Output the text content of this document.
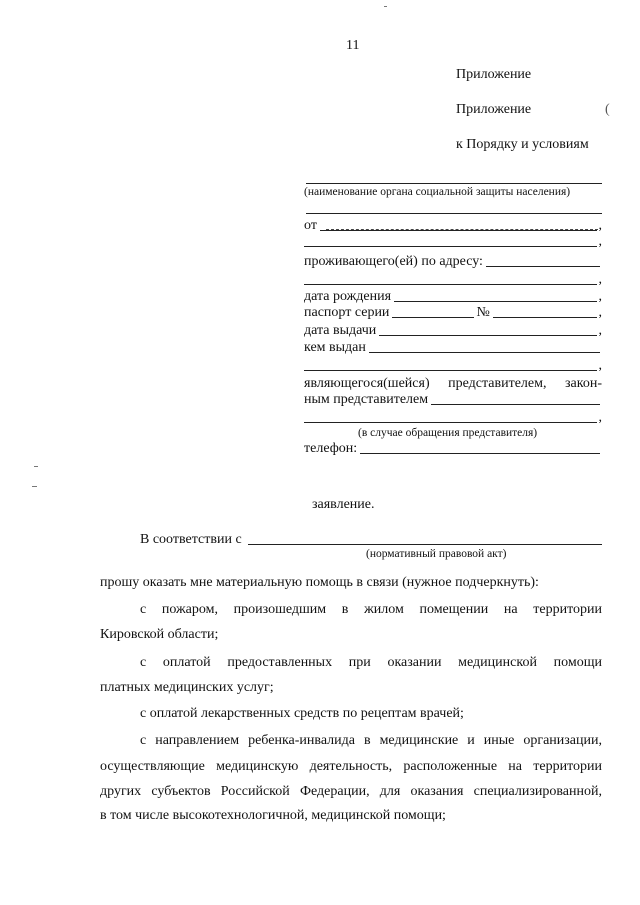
11
Приложение
Приложение	(
к Порядку и условиям
(наименование органа социальной защиты населения)
от	,
,
проживающего(ей) по адресу:
,
дата рождения	,
паспорт серии	№	,
дата выдачи	,
кем выдан
,
являющегося(шейся) представителем, закон-
ным представителем
,
(в случае обращения представителя)
телефон:
заявление.
В соответствии с
(нормативный правовой акт)
прошу оказать мне материальную помощь в связи (нужное подчеркнуть):
с пожаром, произошедшим в жилом помещении на территории
Кировской области;
с оплатой предоставленных при оказании медицинской помощи
платных медицинских услуг;
с оплатой лекарственных средств по рецептам врачей;
с направлением ребенка-инвалида в медицинские и иные организации,
осуществляющие медицинскую деятельность, расположенные на территории
других субъектов Российской Федерации, для оказания специализированной,
в том числе высокотехнологичной, медицинской помощи;
